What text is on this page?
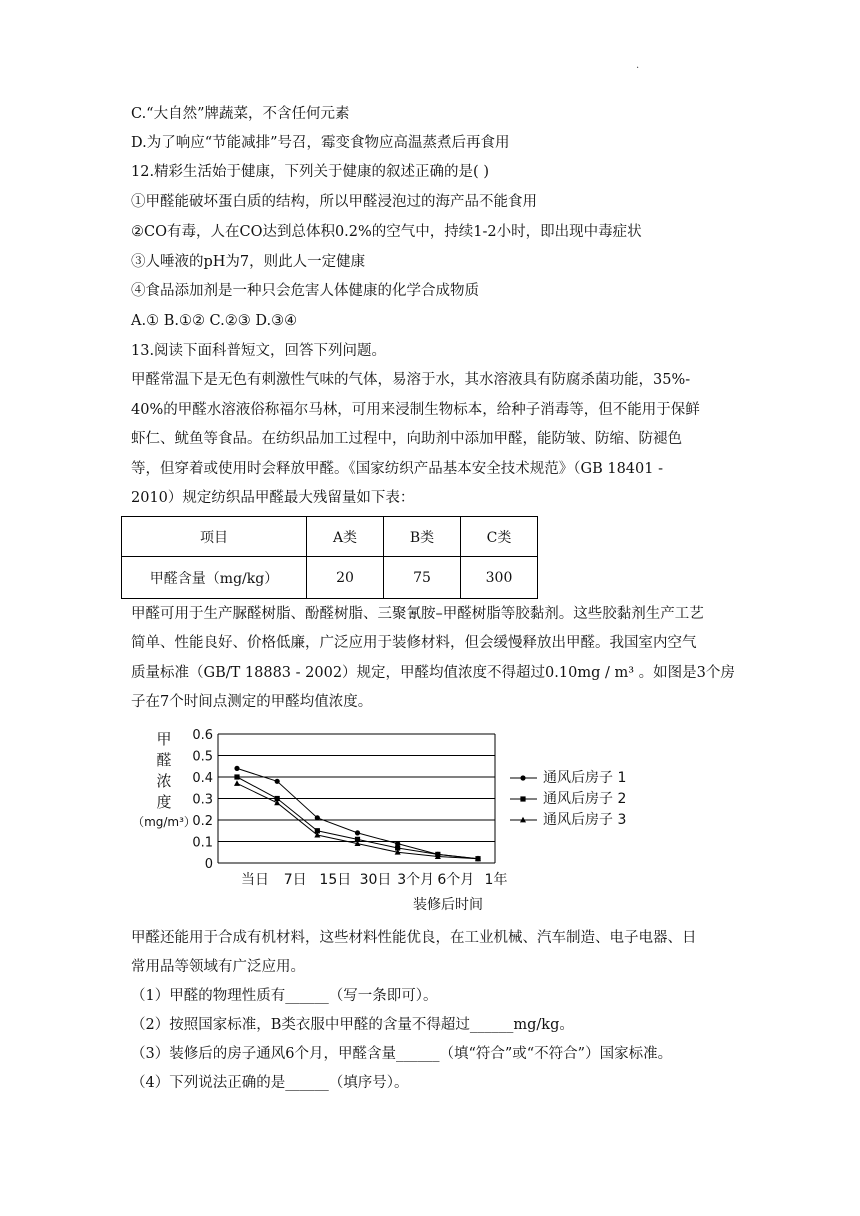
.
C.“大自然”牌蔬菜，不含任何元素
D.为了响应“节能减排”号召，霉变食物应高温蒸煮后再食用
12.精彩生活始于健康，下列关于健康的叙述正确的是( )
①甲醛能破坏蛋白质的结构，所以甲醛浸泡过的海产品不能食用
②CO有毒，人在CO达到总体积0.2%的空气中，持续1-2小时，即出现中毒症状
③人唾液的pH为7，则此人一定健康
④食品添加剂是一种只会危害人体健康的化学合成物质
A.① B.①② C.②③ D.③④
13.阅读下面科普短文，回答下列问题。
甲醛常温下是无色有刺激性气味的气体，易溶于水，其水溶液具有防腐杀菌功能，35%-
40%的甲醛水溶液俗称福尔马林，可用来浸制生物标本，给种子消毒等，但不能用于保鲜
虾仁、鱿鱼等食品。在纺织品加工过程中，向助剂中添加甲醛，能防皱、防缩、防褪色
等，但穿着或使用时会释放甲醛。《国家纺织产品基本安全技术规范》（GB 18401 -
2010）规定纺织品甲醛最大残留量如下表：
项目	A类	B类	C类
甲醛含量（mg/kg）	20	75	300
甲醛可用于生产脲醛树脂、酚醛树脂、三聚氰胺–甲醛树脂等胶黏剂。这些胶黏剂生产工艺
简单、性能良好、价格低廉，广泛应用于装修材料，但会缓慢释放出甲醛。我国室内空气
质量标准（GB/T 18883 - 2002）规定，甲醛均值浓度不得超过0.10mg / m³ 。如图是3个房
子在7个时间点测定的甲醛均值浓度。
甲
醛
浓
度
（mg/m³）
0
0.1
0.2
0.3
0.4
0.5
0.6
当日 7日 15日 30日 3个月 6个月 1年
装修后时间
甲醛还能用于合成有机材料，这些材料性能优良，在工业机械、汽车制造、电子电器、日
常用品等领域有广泛应用。
（1）甲醛的物理性质有______（写一条即可）。
（2）按照国家标准，B类衣服中甲醛的含量不得超过______mg/kg。
（3）装修后的房子通风6个月，甲醛含量______（填“符合”或“不符合”）国家标准。
（4）下列说法正确的是______（填序号）。
通风后房子 1
通风后房子 2
通风后房子 3
